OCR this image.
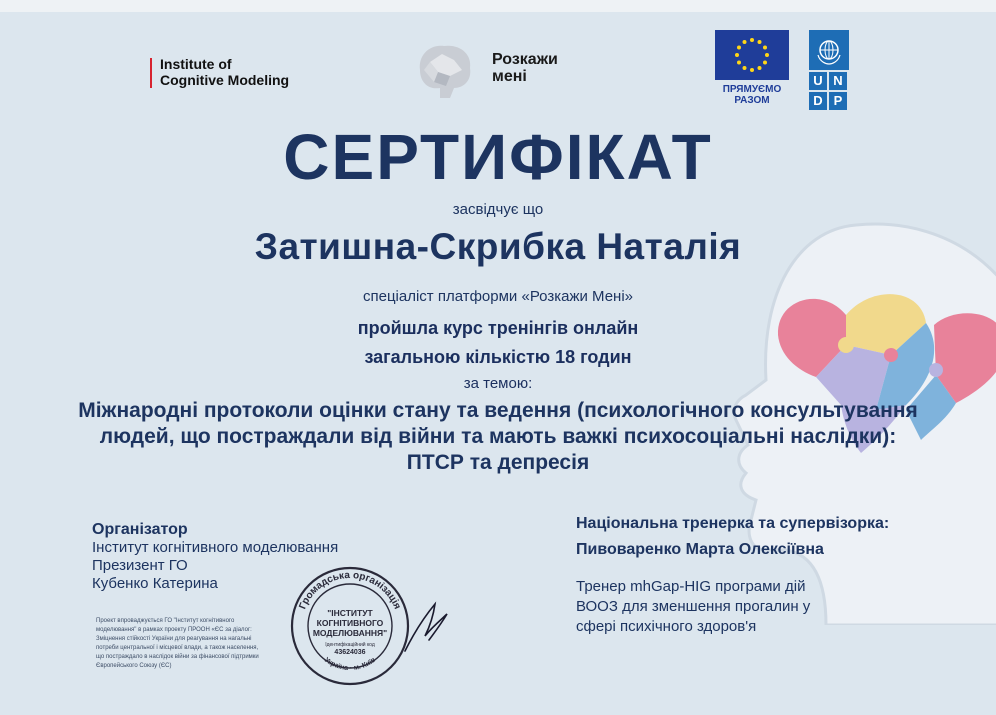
Institute of
Cognitive Modeling
Розкажи
мені
ПРЯМУЄМО
РАЗОМ
U N
D P
СЕРТИФІКАТ
засвідчує що
Затишна-Скрибка Наталія
спеціаліст платформи «Розкажи Мені»
пройшла курс тренінгів онлайн
загальною кількістю 18 годин
за темою:
Міжнародні протоколи оцінки стану та ведення (психологічного консультування
людей, що постраждали від війни та мають важкі психосоціальні наслідки):
ПТСР та депресія
Організатор
Інститут когнітивного моделювання
Презизент ГО
Кубенко Катерина
Проект впроваджується ГО "Інститут когнітивного
моделювання" в рамках проекту ПРООН «ЄС за діалог:
Зміцнення стійкості України для реагування на нагальні
потреби центральної і місцевої влади, а також населення,
що постраждало в наслідок війни за фінансової підтримки
Європейського Союзу (ЄС)
Громадська організація
Україна · м. Київ
"ІНСТИТУТ
КОГНІТИВНОГО
МОДЕЛЮВАННЯ"
Ідентифікаційний код
43624036
Національна тренерка та супервізорка:
Пивоваренко Марта Олексіївна
Тренер mhGap-HIG програми дій
ВООЗ для зменшення прогалин у
сфері психічного здоров'я
